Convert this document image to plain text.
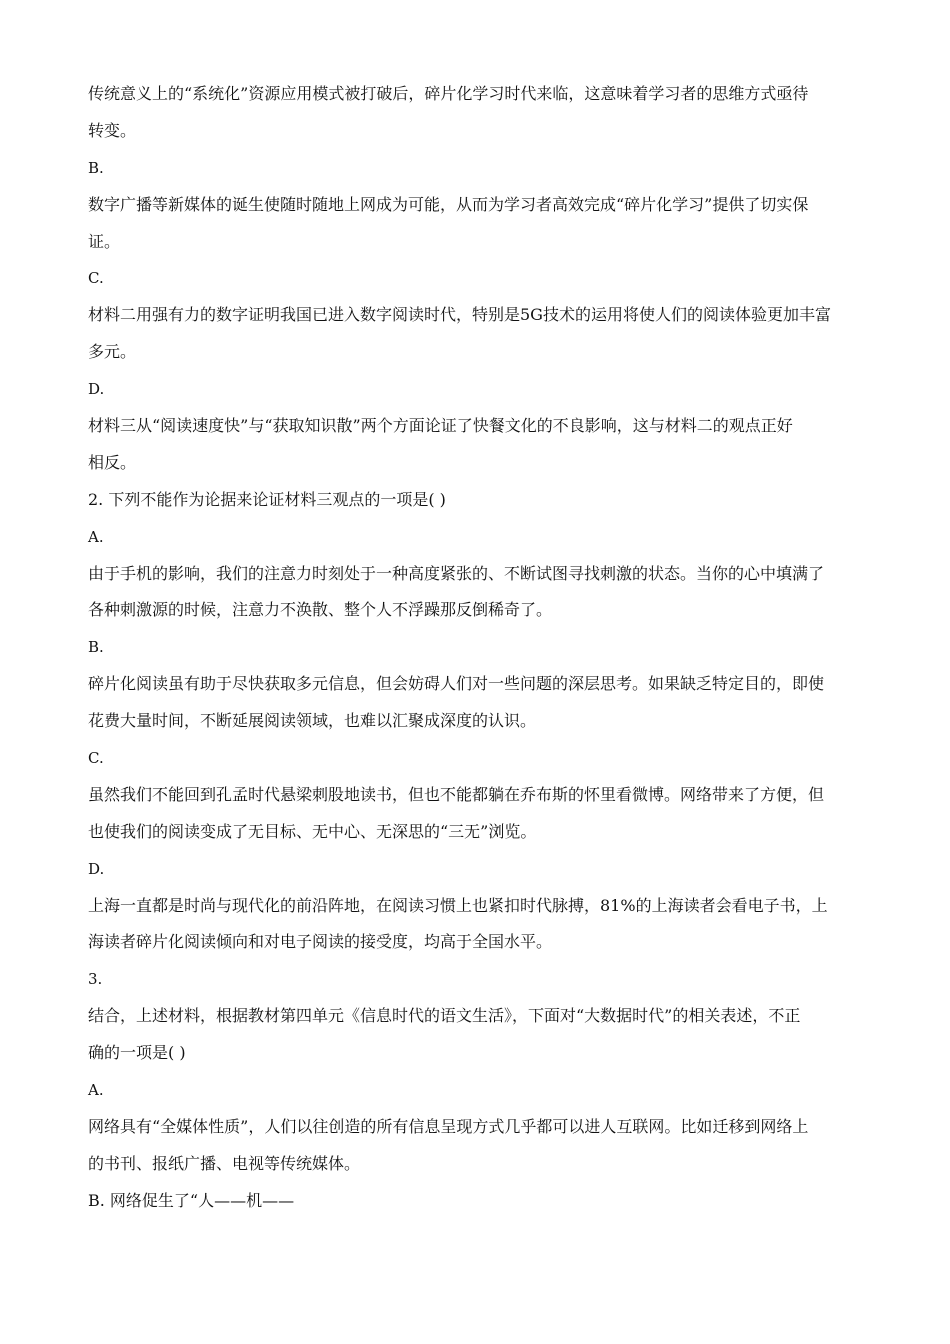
传统意义上的“系统化”资源应用模式被打破后，碎片化学习时代来临，这意味着学习者的思维方式亟待
转变。
B.
数字广播等新媒体的诞生使随时随地上网成为可能，从而为学习者高效完成“碎片化学习”提供了切实保
证。
C.
材料二用强有力的数字证明我国已进入数字阅读时代，特别是5G技术的运用将使人们的阅读体验更加丰富
多元。
D.
材料三从“阅读速度快”与“获取知识散”两个方面论证了快餐文化的不良影响，这与材料二的观点正好
相反。
2. 下列不能作为论据来论证材料三观点的一项是( )
A.
由于手机的影响，我们的注意力时刻处于一种高度紧张的、不断试图寻找刺激的状态。当你的心中填满了
各种刺激源的时候，注意力不涣散、整个人不浮躁那反倒稀奇了。
B.
碎片化阅读虽有助于尽快获取多元信息，但会妨碍人们对一些问题的深层思考。如果缺乏特定目的，即使
花费大量时间，不断延展阅读领域，也难以汇聚成深度的认识。
C.
虽然我们不能回到孔孟时代悬梁刺股地读书，但也不能都躺在乔布斯的怀里看微博。网络带来了方便，但
也使我们的阅读变成了无目标、无中心、无深思的“三无”浏览。
D.
上海一直都是时尚与现代化的前沿阵地，在阅读习惯上也紧扣时代脉搏，81%的上海读者会看电子书，上
海读者碎片化阅读倾向和对电子阅读的接受度，均高于全国水平。
3.
结合，上述材料，根据教材第四单元《信息时代的语文生活》，下面对“大数据时代”的相关表述，不正
确的一项是( )
A.
网络具有“全媒体性质”，人们以往创造的所有信息呈现方式几乎都可以进人互联网。比如迁移到网络上
的书刊、报纸广播、电视等传统媒体。
B. 网络促生了“人——机——
